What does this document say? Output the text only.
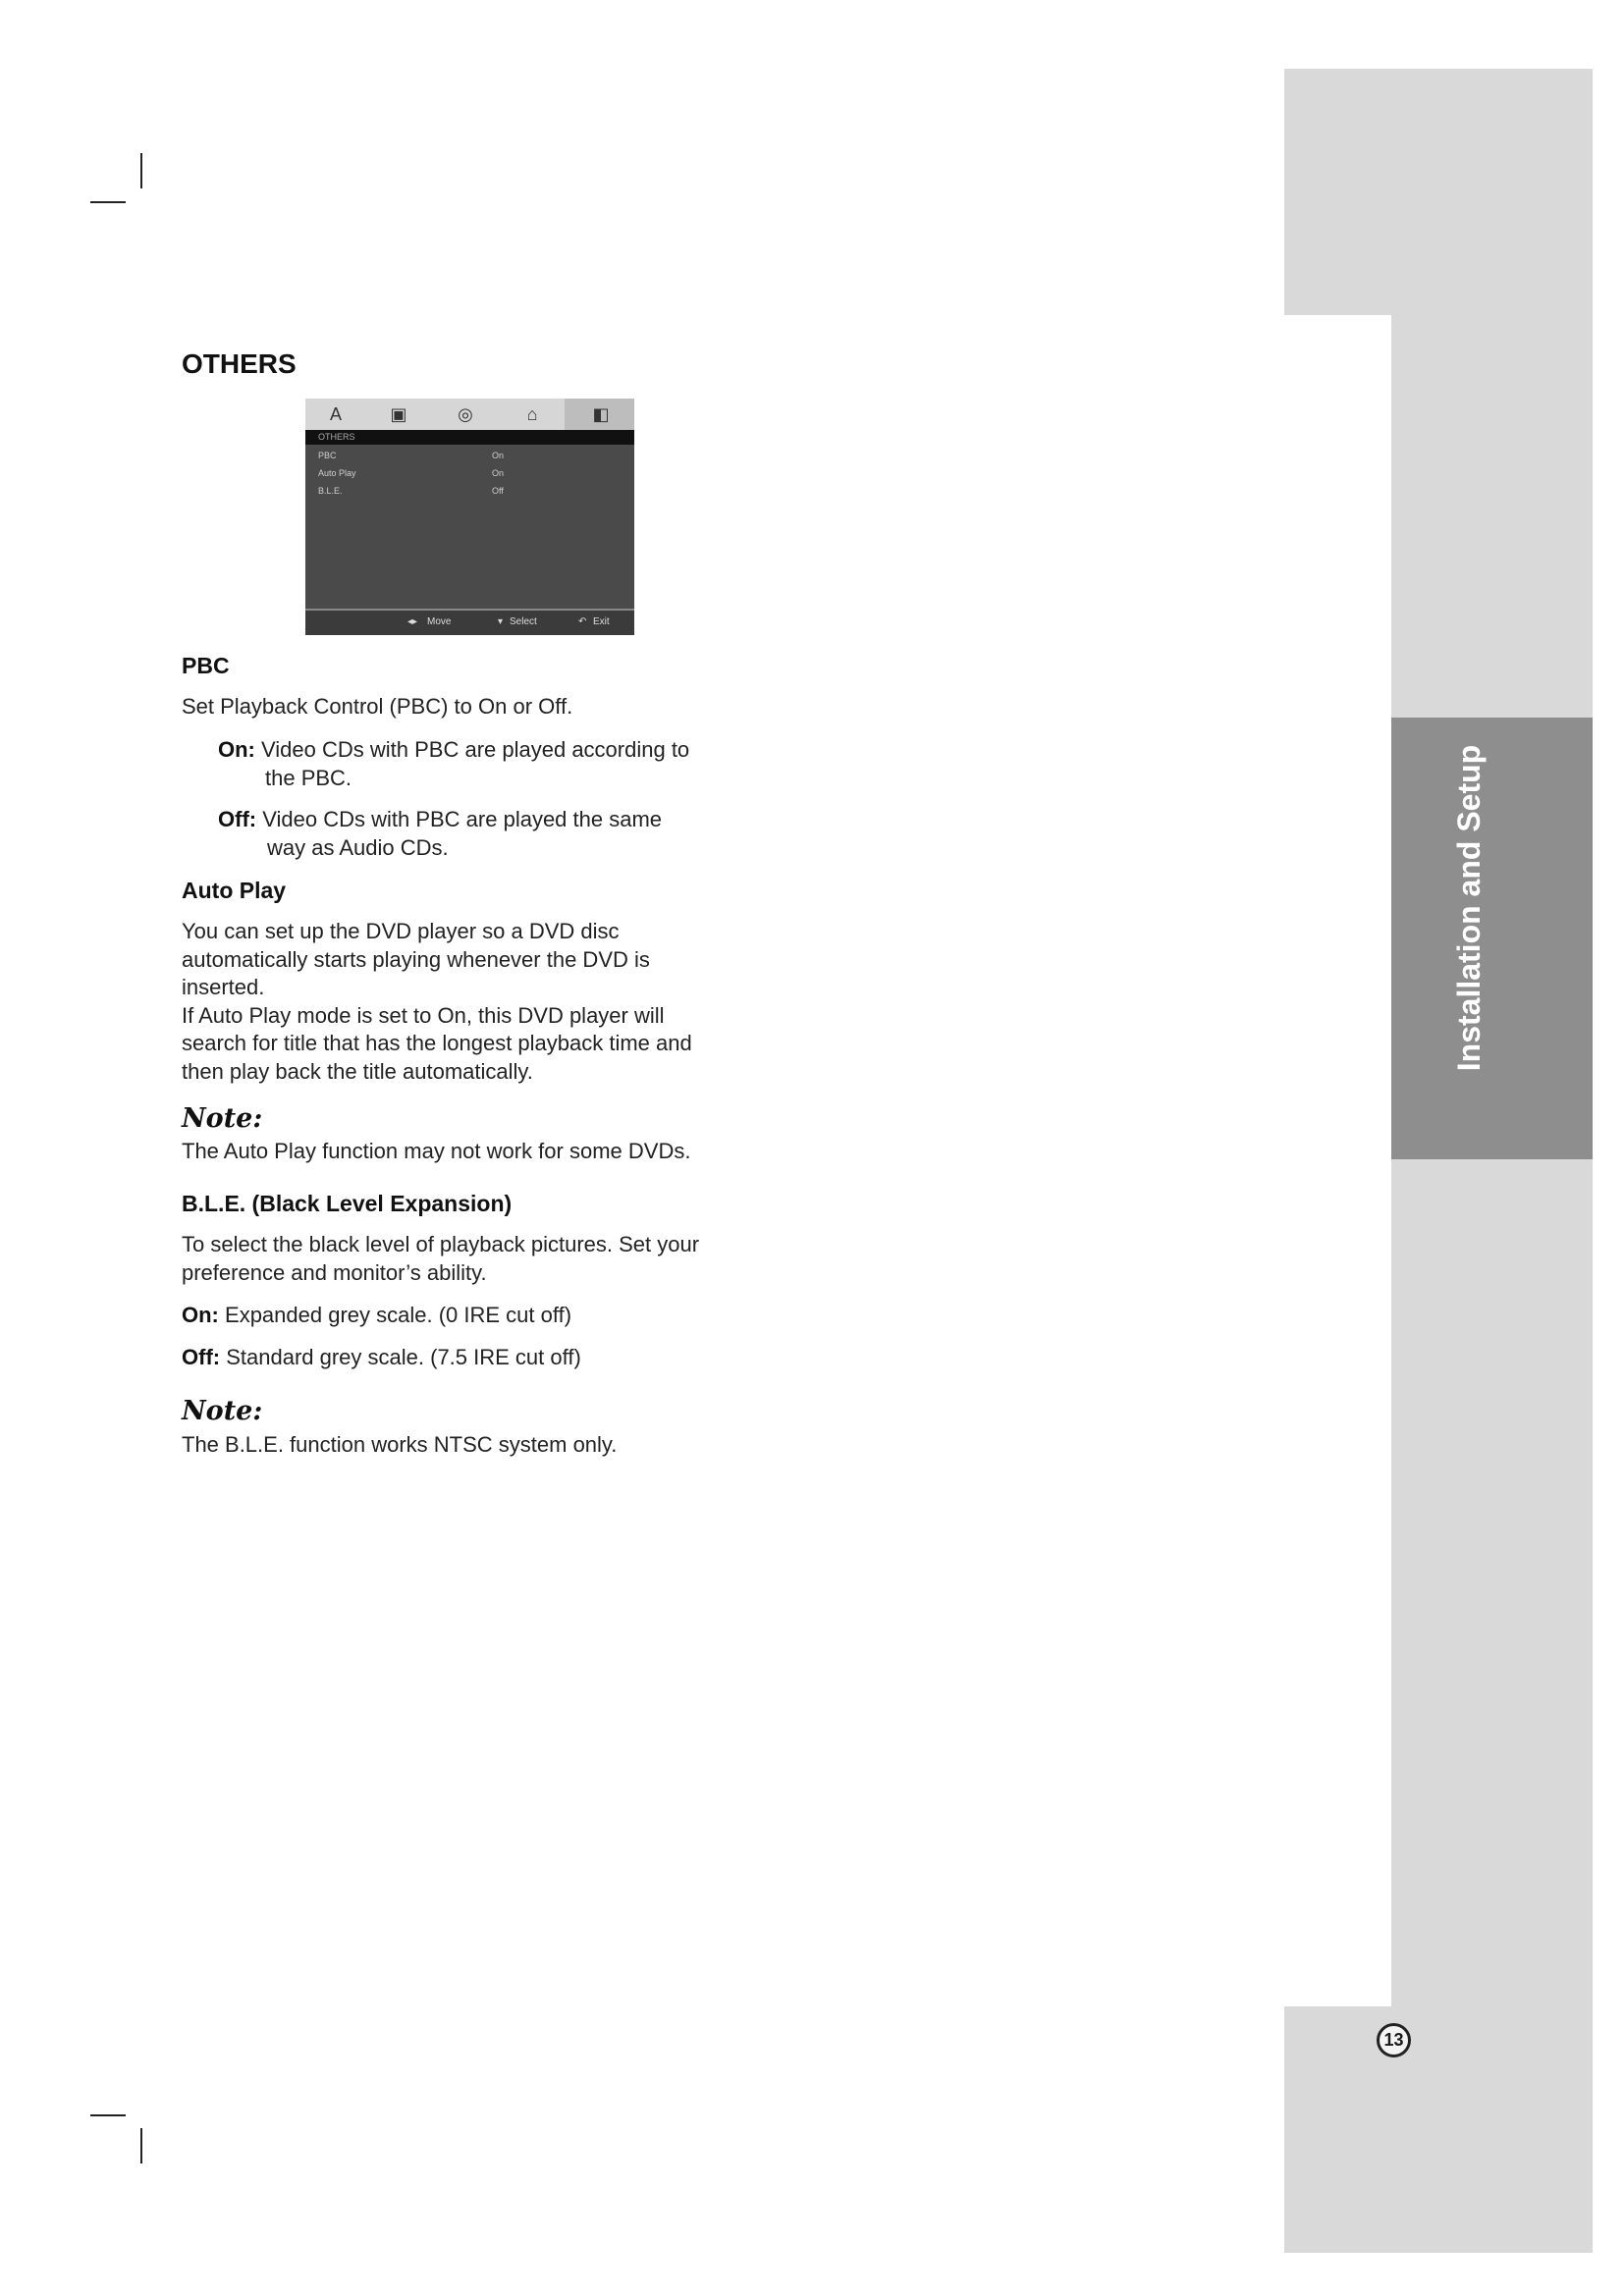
Installation and Setup
13
OTHERS
A	▣	◎	⌂	◧
OTHERS
PBC	On
Auto Play	On
B.L.E.	Off
◂▸ Move	▾ Select	↶ Exit
PBC
Set Playback Control (PBC) to On or Off.
On: Video CDs with PBC are played according to
the PBC.
Off: Video CDs with PBC are played the same
way as Audio CDs.
Auto Play
You can set up the DVD player so a DVD disc
automatically starts playing whenever the DVD is
inserted.
If Auto Play mode is set to On, this DVD player will
search for title that has the longest playback time and
then play back the title automatically.
Note:
The Auto Play function may not work for some DVDs.
B.L.E. (Black Level Expansion)
To select the black level of playback pictures. Set your
preference and monitor’s ability.
On: Expanded grey scale. (0 IRE cut off)
Off: Standard grey scale. (7.5 IRE cut off)
Note:
The B.L.E. function works NTSC system only.
